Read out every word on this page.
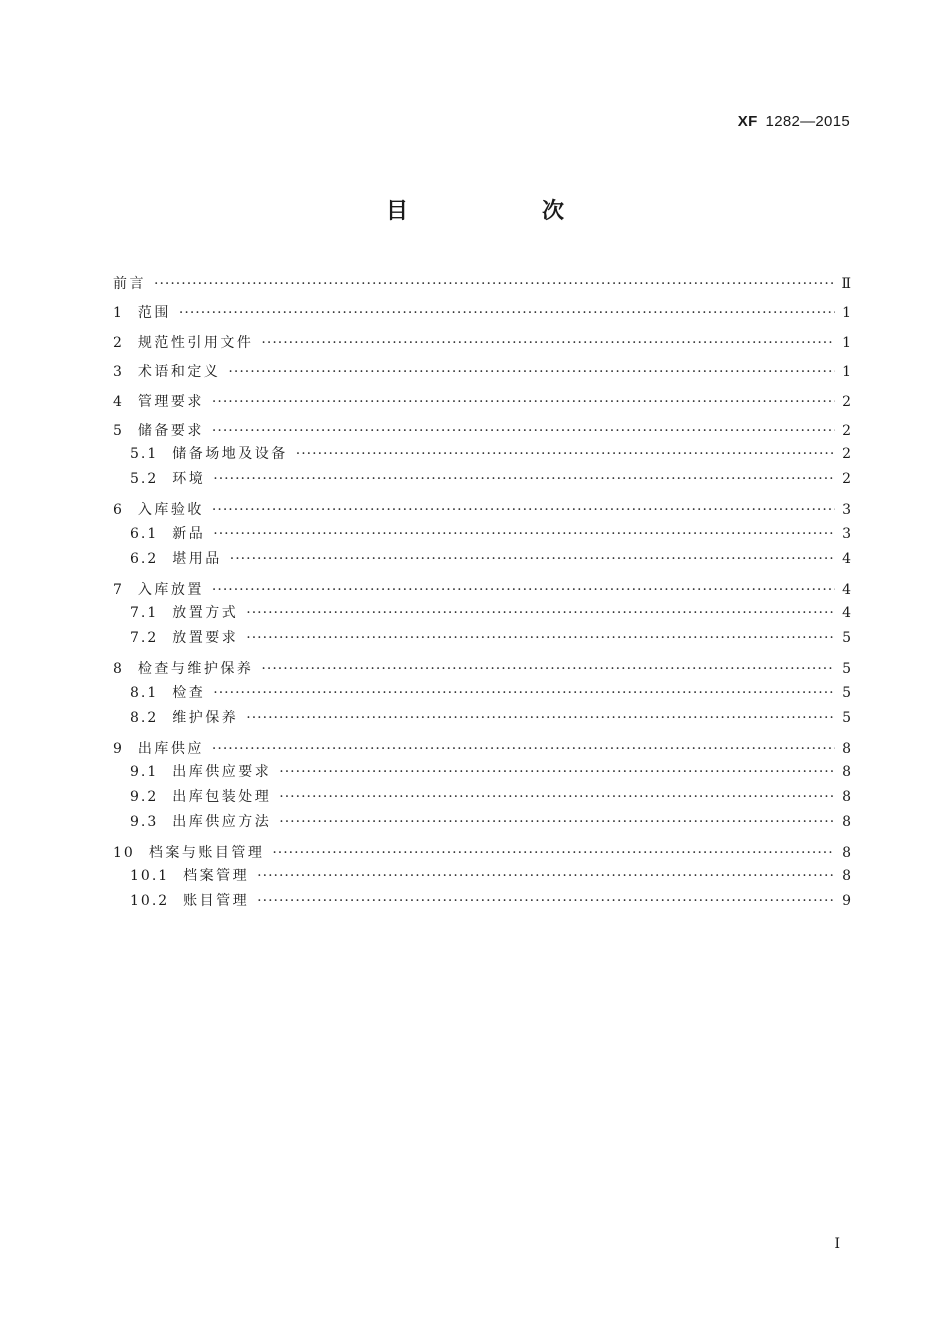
XF 1282—2015
目　次
前言 ·····	Ⅱ
1 范围 ·····	1
2 规范性引用文件 ·····	1
3 术语和定义 ·····	1
4 管理要求 ·····	2
5 储备要求 ·····	2
5.1 储备场地及设备 ·····	2
5.2 环境 ·····	2
6 入库验收 ·····	3
6.1 新品 ·····	3
6.2 堪用品 ·····	4
7 入库放置 ·····	4
7.1 放置方式 ·····	4
7.2 放置要求 ·····	5
8 检查与维护保养 ·····	5
8.1 检查 ·····	5
8.2 维护保养 ·····	5
9 出库供应 ·····	8
9.1 出库供应要求 ·····	8
9.2 出库包装处理 ·····	8
9.3 出库供应方法 ·····	8
10 档案与账目管理 ·····	8
10.1 档案管理 ·····	8
10.2 账目管理 ·····	9
I
